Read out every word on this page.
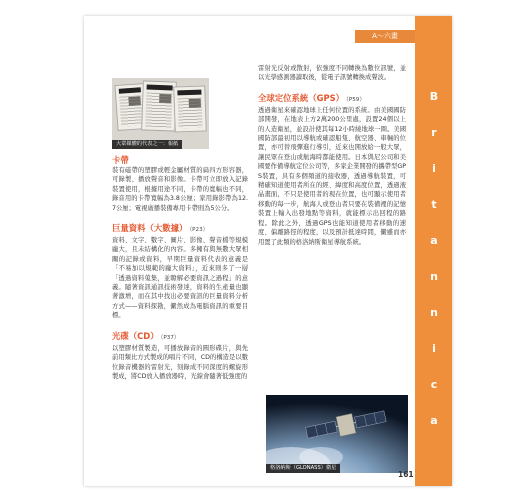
A～六畫
B
r
i
t
a
n
n
i
c
a
大眾媒體的代表之一：報紙
卡帶
裝有磁帶的塑膠或輕金屬材質的扁四方形容器，可錄製、播放聲音和影像。卡帶可立即放入記錄裝置使用，根據用途不同，卡帶的寬幅也不同，錄音用的卡帶寬幅為3.8公厘；家用錄影帶為12.7公厘；電視廣播裝備專用卡帶則為5公分。
巨量資料（大數據） （P23）
資料、文字、數字、圖片、影像、聲音檔等規模龐大，且未結構化的內容。多擁有與無數大眾相關的記錄或資料，早期巨量資料代表的意義是「不易加以規範的龐大資料」，近來則多了一層「透過資料蒐集，並瞭解必要資訊之過程」的意義。隨著資訊通訊技術發達，資料的生產量也顯著激增，而在其中找出必要資訊的巨量資料分析方式——資料探勘，儼然成為電腦資訊的重要目標。
光碟（CD） （P37）
以塑膠材質製造，可播放錄音的圓形碟片，與先前用類比方式製成的唱片不同，CD的構造是以數位錄音機器的雷射光，刻錄成不同深度的螺旋形製成，將CD放入播放器時，光線會隨著低強度的
雷射光反射或散射，依強度不同轉換為數位訊號，並以光學感測器讀取後，從電子訊號轉換成聲波。
全球定位系統（GPS） （P59）
透過衛星來確認地球上任何位置的系統。由美國國防部開發，在地表上方2萬200公里處，設置24個以上的人造衛星，並設計使其每12小時繞地球一圈。美國國防部最初用以導航或確認船隻、航空器、車輛的位置，亦可替飛彈進行導引，近來也開放給一般大眾，讓民眾在登山或航海時都能使用。日本與尼公司和美國要作備導航定位公司等，多家企業開發的攜帶型GPS裝置，具有多個頻道的接收器，透過導航裝置，可精確知道使用者所在的經、緯度和高度位置，透過液晶畫面，不只是使用者的現在位置，也可顯示使用者移動的每一步，航海人或登山者只要在裝備裡的記憶裝置上輸入出發地點等資料，就能標示出回程的路程。除此之外，透過GPS也能知道使用者移動的速度、偏離路徑的程度，以及預計抵達時間，儼雖而亦用置了此類的格洛納斯衛星導航系統。
格洛納斯（GLONASS）衛星
161
